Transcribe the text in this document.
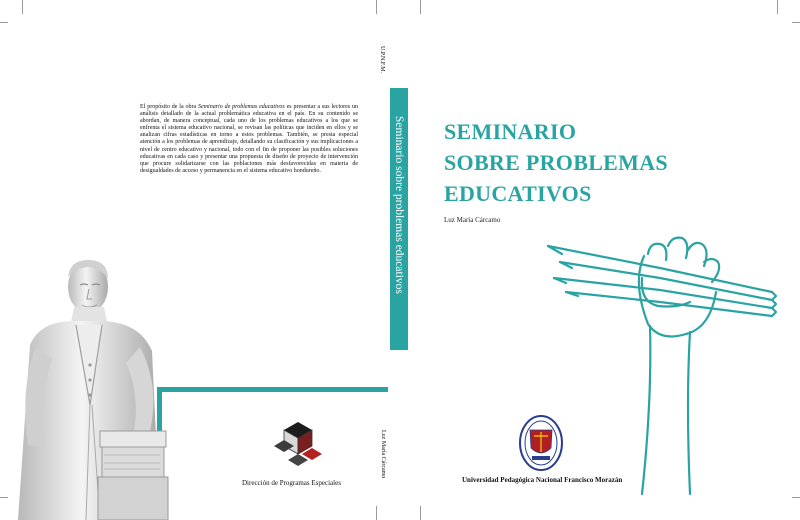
El propósito de la obra Seminario de problemas educativos es presentar a sus lectores un análisis detallado de la actual problemática educativa en el país. En su contenido se abordan, de manera conceptual, cada uno de los problemas educativos a los que se enfrenta el sistema educativo nacional, se revisan las políticas que inciden en ellos y se analizan cifras estadísticas en torno a estos problemas. También, se presta especial atención a los problemas de aprendizaje, detallando su clasificación y sus implicaciones a nivel de centro educativo y nacional, todo con el fin de proponer las posibles soluciones educativas en cada caso y presentar una propuesta de diseño de proyecto de intervención que procure solidarizarse con las poblaciones más desfavorecidas en materia de desigualdades de acceso y permanencia en el sistema educativo hondureño.
U.P.N.F.M.
Seminario sobre problemas educativos
Luz María Cárcamo
SEMINARIO
SOBRE PROBLEMAS
EDUCATIVOS
Luz María Cárcamo
Dirección de Programas Especiales	Universidad Pedagógica Nacional Francisco Morazán
